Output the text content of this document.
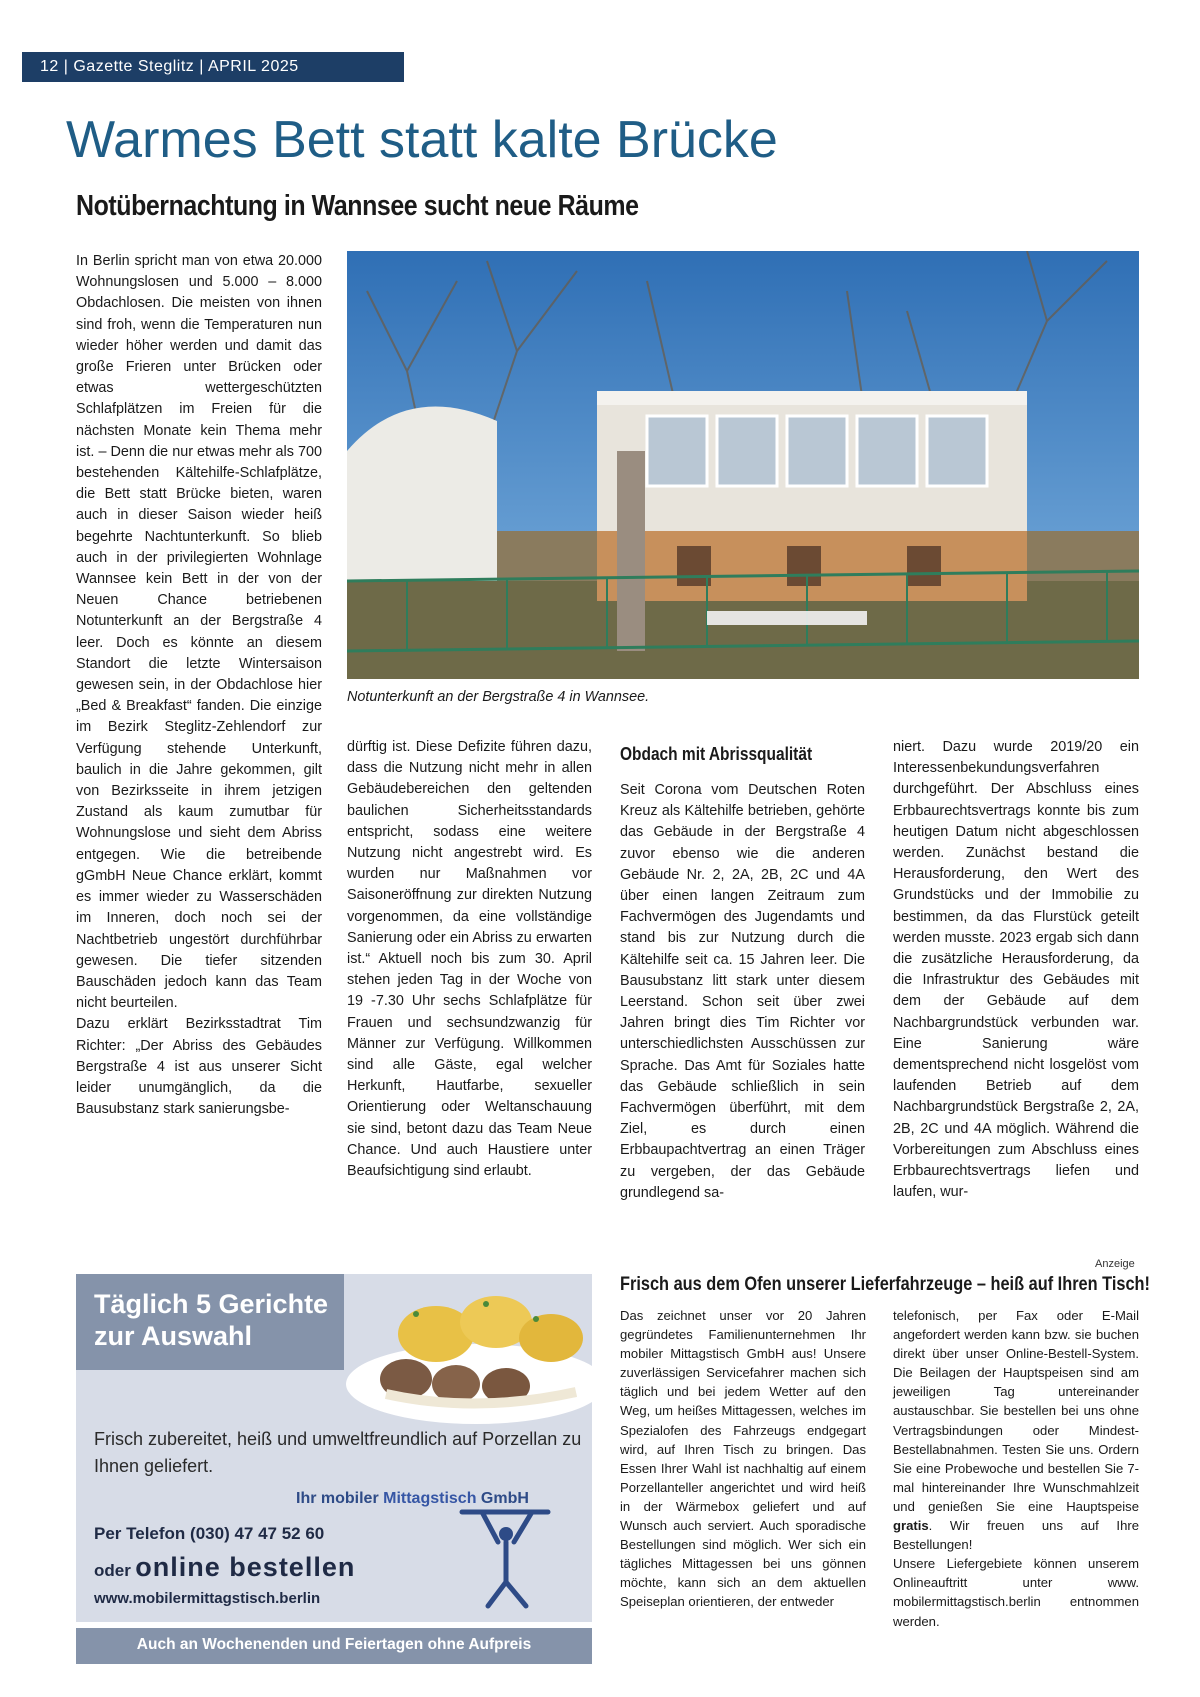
12 | Gazette Steglitz | APRIL 2025
Warmes Bett statt kalte Brücke
Notübernachtung in Wannsee sucht neue Räume

In Berlin spricht man von etwa 20.000 Wohnungslosen und 5.000 – 8.000 Obdachlosen. Die meisten von ihnen sind froh, wenn die Temperaturen nun wieder höher werden und damit das große Frieren unter Brücken oder etwas wettergeschützten Schlafplätzen im Freien für die nächsten Monate kein Thema mehr ist. – Denn die nur etwas mehr als 700 bestehenden Kältehilfe-Schlafplätze, die Bett statt Brücke bieten, waren auch in dieser Saison wieder heiß begehrte Nachtunterkunft. So blieb auch in der privilegierten Wohnlage Wannsee kein Bett in der von der Neuen Chance betriebenen Notunterkunft an der Bergstraße 4 leer. Doch es könnte an diesem Standort die letzte Wintersaison gewesen sein, in der Obdachlose hier „Bed & Breakfast“ fanden. Die einzige im Bezirk Steglitz-Zehlendorf zur Verfügung stehende Unterkunft, baulich in die Jahre gekommen, gilt von Bezirksseite in ihrem jetzigen Zustand als kaum zumutbar für Wohnungslose und sieht dem Abriss entgegen. Wie die betreibende gGmbH Neue Chance erklärt, kommt es immer wieder zu Wasserschäden im Inneren, doch noch sei der Nachtbetrieb ungestört durchführbar gewesen. Die tiefer sitzenden Bauschäden jedoch kann das Team nicht beurteilen.

Dazu erklärt Bezirksstadtrat Tim Richter: „Der Abriss des Gebäudes Bergstraße 4 ist aus unserer Sicht leider unumgänglich, da die Bausubstanz stark sanierungsbe-

Notunterkunft an der Bergstraße 4 in Wannsee.

dürftig ist. Diese Defizite führen dazu, dass die Nutzung nicht mehr in allen Gebäudebereichen den geltenden baulichen Sicherheitsstandards entspricht, sodass eine weitere Nutzung nicht angestrebt wird. Es wurden nur Maßnahmen vor Saisoneröffnung zur direkten Nutzung vorgenommen, da eine vollständige Sanierung oder ein Abriss zu erwarten ist.“ Aktuell noch bis zum 30. April stehen jeden Tag in der Woche von 19 -7.30 Uhr sechs Schlafplätze für Frauen und sechsundzwanzig für Männer zur Verfügung. Willkommen sind alle Gäste, egal welcher Herkunft, Hautfarbe, sexueller Orientierung oder Weltanschauung sie sind, betont dazu das Team Neue Chance. Und auch Haustiere unter Beaufsichtigung sind erlaubt.

Obdach mit Abrissqualität

Seit Corona vom Deutschen Roten Kreuz als Kältehilfe betrieben, gehörte das Gebäude in der Bergstraße 4 zuvor ebenso wie die anderen Gebäude Nr. 2, 2A, 2B, 2C und 4A über einen langen Zeitraum zum Fachvermögen des Jugendamts und stand bis zur Nutzung durch die Kältehilfe seit ca. 15 Jahren leer. Die Bausubstanz litt stark unter diesem Leerstand. Schon seit über zwei Jahren bringt dies Tim Richter vor unterschiedlichsten Ausschüssen zur Sprache. Das Amt für Soziales hatte das Gebäude schließlich in sein Fachvermögen überführt, mit dem Ziel, es durch einen Erbbaupachtvertrag an einen Träger zu vergeben, der das Gebäude grundlegend sa-

niert. Dazu wurde 2019/20 ein Interessenbekundungsverfahren durchgeführt. Der Abschluss eines Erbbaurechtsvertrags konnte bis zum heutigen Datum nicht abgeschlossen werden. Zunächst bestand die Herausforderung, den Wert des Grundstücks und der Immobilie zu bestimmen, da das Flurstück geteilt werden musste. 2023 ergab sich dann die zusätzliche Herausforderung, da die Infrastruktur des Gebäudes mit dem der Gebäude auf dem Nachbargrundstück verbunden war. Eine Sanierung wäre dementsprechend nicht losgelöst vom laufenden Betrieb auf dem Nachbargrundstück Bergstraße 2, 2A, 2B, 2C und 4A möglich. Während die Vorbereitungen zum Abschluss eines Erbbaurechtsvertrags liefen und laufen, wur-

Anzeige
Frisch aus dem Ofen unserer Lieferfahrzeuge – heiß auf Ihren Tisch!
Täglich 5 Gerichte zur Auswahl
Frisch zubereitet, heiß und umweltfreundlich auf Porzellan zu Ihnen geliefert.
Ihr mobiler Mittagstisch GmbH
Per Telefon (030) 47 47 52 60
oder online bestellen
www.mobilermittagstisch.berlin
Auch an Wochenenden und Feiertagen ohne Aufpreis

Das zeichnet unser vor 20 Jahren gegründetes Familienunternehmen Ihr mobiler Mittagstisch GmbH aus! Unsere zuverlässigen Servicefahrer machen sich täglich und bei jedem Wetter auf den Weg, um heißes Mittagessen, welches im Spezialofen des Fahrzeugs endgegart wird, auf Ihren Tisch zu bringen. Das Essen Ihrer Wahl ist nachhaltig auf einem Porzellanteller angerichtet und wird heiß in der Wärmebox geliefert und auf Wunsch auch serviert. Auch sporadische Bestellungen sind möglich. Wer sich ein tägliches Mittagessen bei uns gönnen möchte, kann sich an dem aktuellen Speiseplan orientieren, der entweder

telefonisch, per Fax oder E-Mail angefordert werden kann bzw. sie buchen direkt über unser Online-Bestell-System. Die Beilagen der Hauptspeisen sind am jeweiligen Tag untereinander austauschbar. Sie bestellen bei uns ohne Vertragsbindungen oder Mindest-Bestellabnahmen. Testen Sie uns. Ordern Sie eine Probewoche und bestellen Sie 7-mal hintereinander Ihre Wunschmahlzeit und genießen Sie eine Hauptspeise gratis. Wir freuen uns auf Ihre Bestellungen!

Unsere Liefergebiete können unserem Onlineauftritt unter www. mobilermittagstisch.berlin entnommen werden.
